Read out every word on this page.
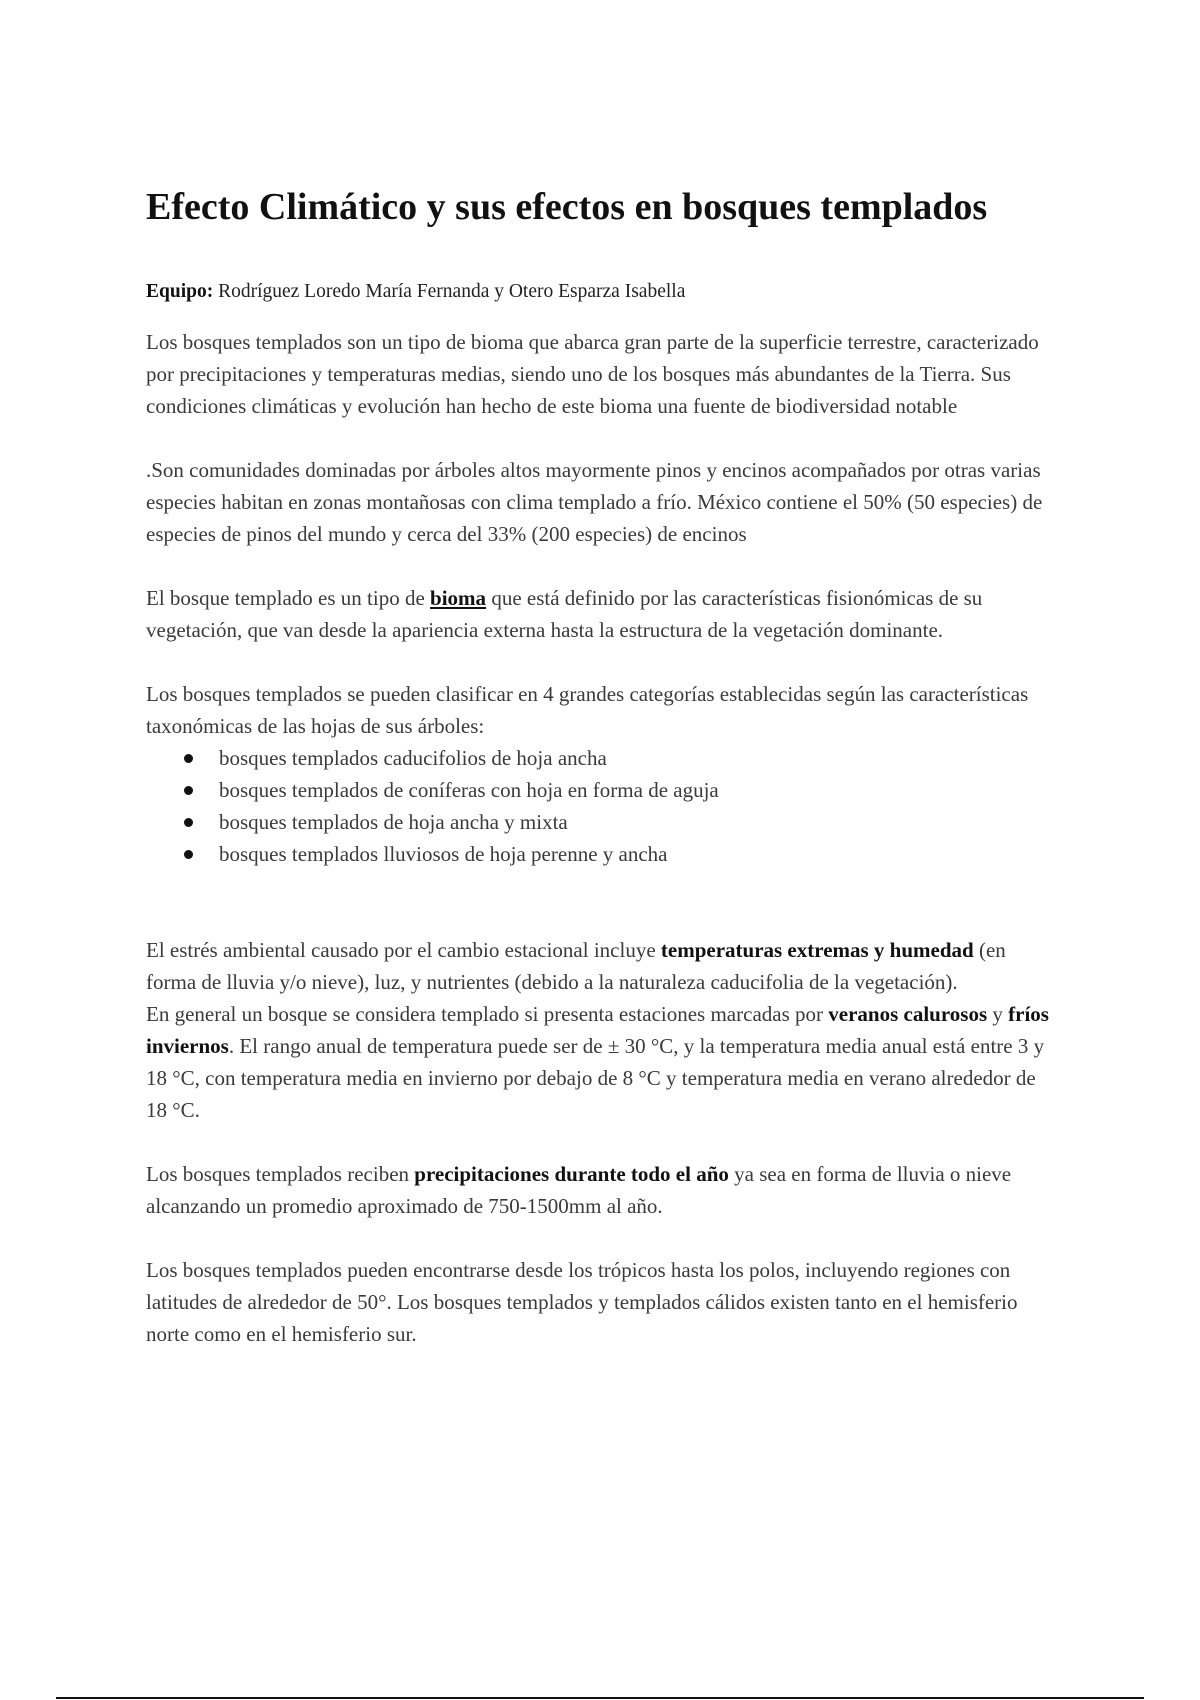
Efecto Climático y sus efectos en bosques templados
Equipo: Rodríguez Loredo María Fernanda y Otero Esparza Isabella

Los bosques templados son un tipo de bioma que abarca gran parte de la superficie terrestre, caracterizado por precipitaciones y temperaturas medias, siendo uno de los bosques más abundantes de la Tierra. Sus condiciones climáticas y evolución han hecho de este bioma una fuente de biodiversidad notable

.Son comunidades dominadas por árboles altos mayormente pinos y encinos acompañados por otras varias especies habitan en zonas montañosas con clima templado a frío. México contiene el 50% (50 especies) de especies de pinos del mundo y cerca del 33% (200 especies) de encinos

El bosque templado es un tipo de bioma que está definido por las características fisionómicas de su vegetación, que van desde la apariencia externa hasta la estructura de la vegetación dominante.

Los bosques templados se pueden clasificar en 4 grandes categorías establecidas según las características taxonómicas de las hojas de sus árboles:

bosques templados caducifolios de hoja ancha
bosques templados de coníferas con hoja en forma de aguja
bosques templados de hoja ancha y mixta
bosques templados lluviosos de hoja perenne y ancha

El estrés ambiental causado por el cambio estacional incluye temperaturas extremas y humedad (en forma de lluvia y/o nieve), luz, y nutrientes (debido a la naturaleza caducifolia de la vegetación).

En general un bosque se considera templado si presenta estaciones marcadas por veranos calurosos y fríos inviernos. El rango anual de temperatura puede ser de ± 30 °C, y la temperatura media anual está entre 3 y 18 °C, con temperatura media en invierno por debajo de 8 °C y temperatura media en verano alrededor de 18 °C.

Los bosques templados reciben precipitaciones durante todo el año ya sea en forma de lluvia o nieve alcanzando un promedio aproximado de 750-1500mm al año.

Los bosques templados pueden encontrarse desde los trópicos hasta los polos, incluyendo regiones con latitudes de alrededor de 50°. Los bosques templados y templados cálidos existen tanto en el hemisferio norte como en el hemisferio sur.
